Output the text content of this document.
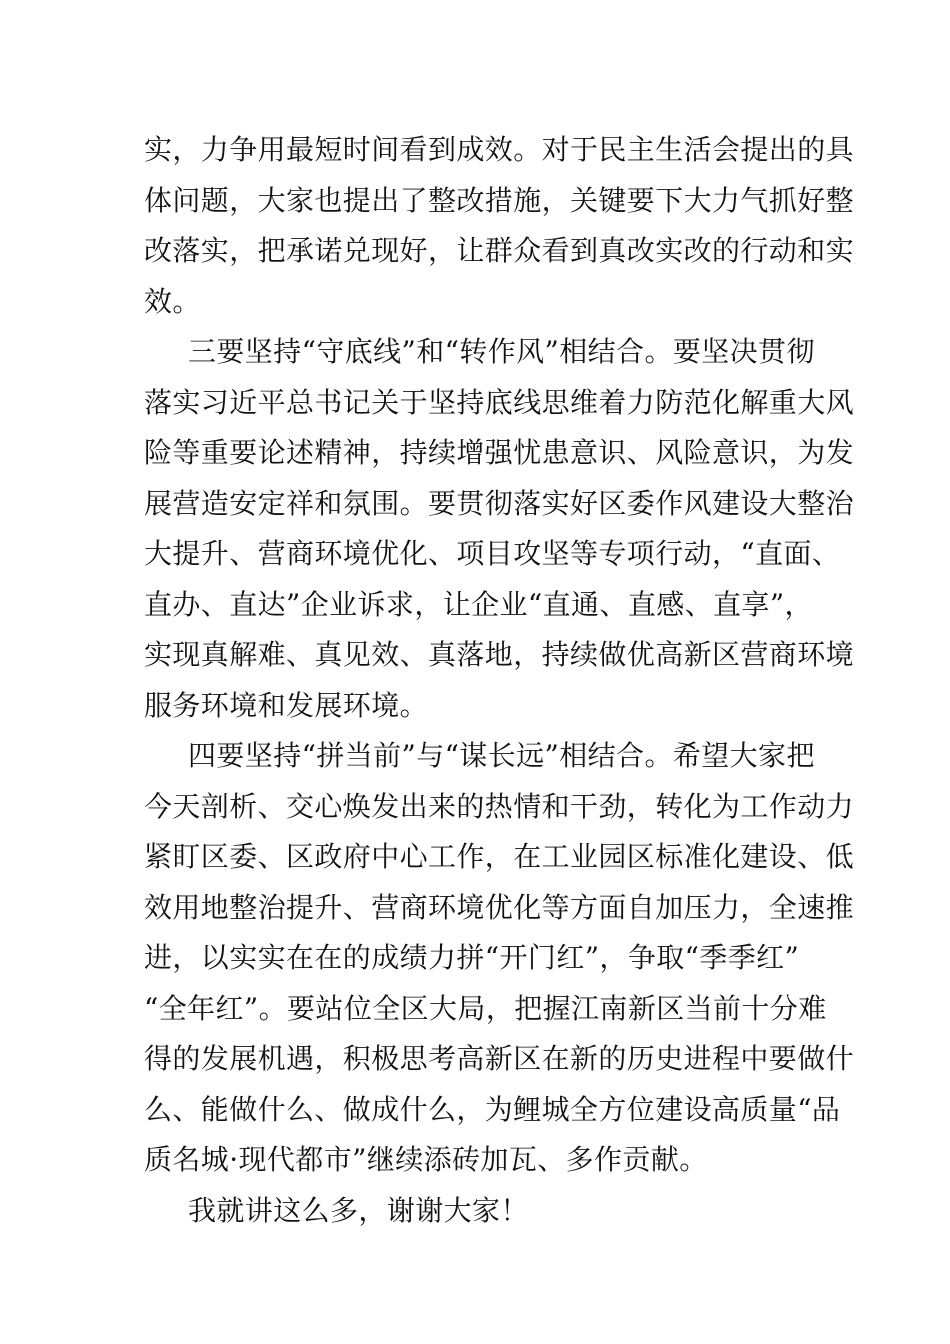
实，力争用最短时间看到成效。对于民主生活会提出的具
体问题，大家也提出了整改措施，关键要下大力气抓好整
改落实，把承诺兑现好，让群众看到真改实改的行动和实
效。
三要坚持“守底线”和“转作风”相结合。要坚决贯彻
落实习近平总书记关于坚持底线思维着力防范化解重大风
险等重要论述精神，持续增强忧患意识、风险意识，为发
展营造安定祥和氛围。要贯彻落实好区委作风建设大整治
大提升、营商环境优化、项目攻坚等专项行动，“直面、
直办、直达”企业诉求，让企业“直通、直感、直享”，
实现真解难、真见效、真落地，持续做优高新区营商环境
服务环境和发展环境。
四要坚持“拼当前”与“谋长远”相结合。希望大家把
今天剖析、交心焕发出来的热情和干劲，转化为工作动力
紧盯区委、区政府中心工作，在工业园区标准化建设、低
效用地整治提升、营商环境优化等方面自加压力，全速推
进，以实实在在的成绩力拼“开门红”，争取“季季红”
“全年红”。要站位全区大局，把握江南新区当前十分难
得的发展机遇，积极思考高新区在新的历史进程中要做什
么、能做什么、做成什么，为鲤城全方位建设高质量“品
质名城·现代都市”继续添砖加瓦、多作贡献。
我就讲这么多，谢谢大家！
